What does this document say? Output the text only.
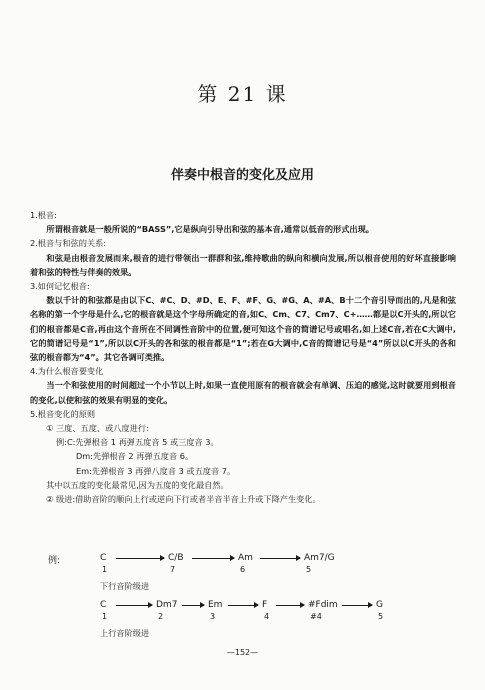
第 21 课
伴奏中根音的变化及应用

1.根音:

所谓根音就是一般所说的“BASS”,它是纵向引导出和弦的基本音,通常以低音的形式出现。

2.根音与和弦的关系:

和弦是由根音发展而来,根音的进行带领出一群群和弦,维持歌曲的纵向和横向发展,所以根音使用的好坏直接影响着和弦的特性与伴奏的效果。

3.如何记忆根音:

数以千计的和弦都是由以下C、#C、D、#D、E、F、#F、G、#G、A、#A、B十二个音引导而出的,凡是和弦名称的第一个字母是什么,它的根音就是这个字母所确定的音,如C、Cm、C7、Cm7、C+……都是以C开头的,所以它们的根音都是C音,再由这个音所在不同调性音阶中的位置,便可知这个音的简谱记号或唱名,如上述C音,若在C大调中,它的简谱记号是“1”,所以以C开头的各和弦的根音都是“1”;若在G大调中,C音的简谱记号是“4”所以以C开头的各和弦的根音都为“4”。其它各调可类推。

4.为什么根音要变化

当一个和弦使用的时间超过一个小节以上时,如果一直使用原有的根音就会有单调、压迫的感觉,这时就要用到根音的变化,以使和弦的效果有明显的变化。

5.根音变化的原则

① 三度、五度、或八度进行:

例:C:先弹根音 1 再弹五度音 5 或三度音 3。

Dm:先弹根音 2 再弹五度音 6。

Em:先弹根音 3 再弹八度音 3 或五度音 7。

其中以五度的变化最常见,因为五度的变化最自然。

② 级进:借助音阶的顺向上行或逆向下行或者半音半音上升或下降产生变化。

例:	C
1
C/B
7
Am
6
Am7/G
5
下行音阶级进
C
1
Dm7
2
Em
3
F
4
#Fdim
#4
G
5
上行音阶级进
—152—
